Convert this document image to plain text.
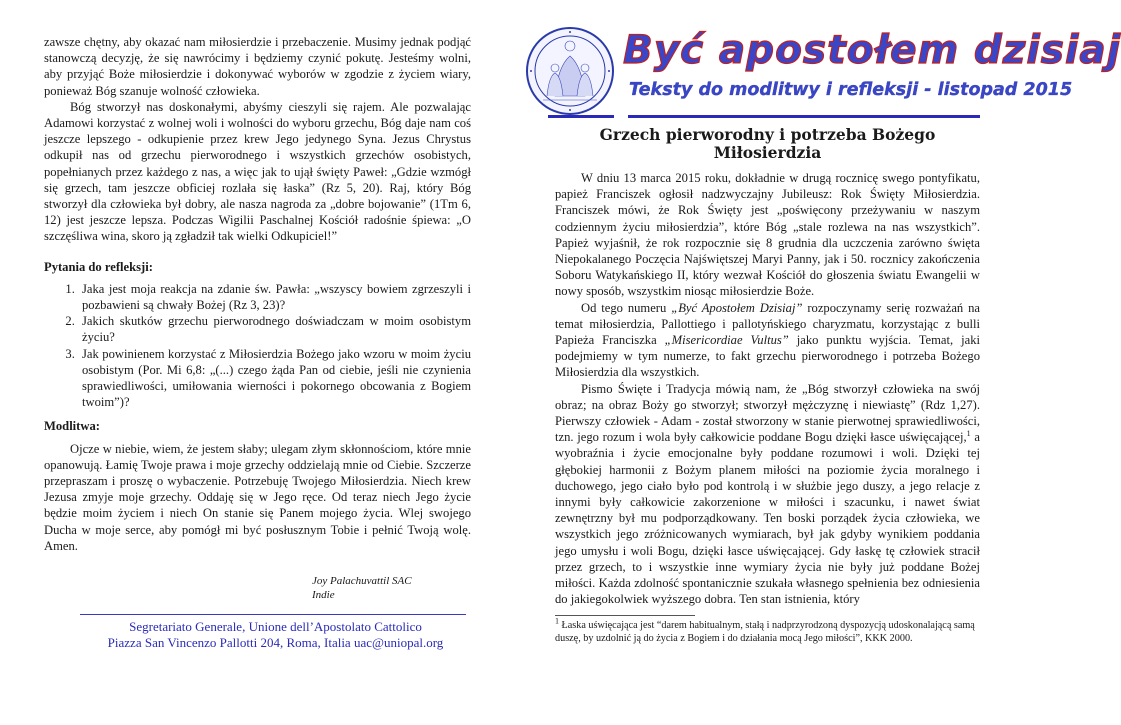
zawsze chętny, aby okazać nam miłosierdzie i przebaczenie. Musimy jednak podjąć stanowczą decyzję, że się nawrócimy i będziemy czynić pokutę. Jesteśmy wolni, aby przyjąć Boże miłosierdzie i dokonywać wyborów w zgodzie z życiem wiary, ponieważ Bóg szanuje wolność człowieka.

Bóg stworzył nas doskonałymi, abyśmy cieszyli się rajem. Ale pozwalając Adamowi korzystać z wolnej woli i wolności do wyboru grzechu, Bóg daje nam coś jeszcze lepszego - odkupienie przez krew Jego jedynego Syna. Jezus Chrystus odkupił nas od grzechu pierworodnego i wszystkich grzechów osobistych, popełnianych przez każdego z nas, a więc jak to ujął święty Paweł: „Gdzie wzmógł się grzech, tam jeszcze obficiej rozlała się łaska” (Rz 5, 20). Raj, który Bóg stworzył dla człowieka był dobry, ale nasza nagroda za „dobre bojowanie” (1Tm 6, 12) jest jeszcze lepsza. Podczas Wigilii Paschalnej Kościół radośnie śpiewa: „O szczęśliwa wina, skoro ją zgładził tak wielki Odkupiciel!”

Pytania do refleksji:
1. Jaka jest moja reakcja na zdanie św. Pawła: „wszyscy bowiem zgrzeszyli i pozbawieni są chwały Bożej (Rz 3, 23)?
2. Jakich skutków grzechu pierworodnego doświadczam w moim osobistym życiu?
3. Jak powinienem korzystać z Miłosierdzia Bożego jako wzoru w moim życiu osobistym (Por. Mi 6,8: „(...) czego żąda Pan od ciebie, jeśli nie czynienia sprawiedliwości, umiłowania wierności i pokornego obcowania z Bogiem twoim”)?
Modlitwa:

Ojcze w niebie, wiem, że jestem słaby; ulegam złym skłonnościom, które mnie opanowują. Łamię Twoje prawa i moje grzechy oddzielają mnie od Ciebie. Szczerze przepraszam i proszę o wybaczenie. Potrzebuję Twojego Miłosierdzia. Niech krew Jezusa zmyje moje grzechy. Oddaję się w Jego ręce. Od teraz niech Jego życie będzie moim życiem i niech On stanie się Panem mojego życia. Wlej swojego Ducha w moje serce, aby pomógł mi być posłusznym Tobie i pełnić Twoją wolę. Amen.

Joy Palachuvattil SAC
Indie
Segretariato Generale, Unione dell’Apostolato Cattolico
Piazza San Vincenzo Pallotti 204, Roma, Italia uac@uniopal.org
Być apostołem dzisiaj
Teksty do modlitwy i refleksji - listopad 2015
Grzech pierworodny i potrzeba Bożego Miłosierdzia

W dniu 13 marca 2015 roku, dokładnie w drugą rocznicę swego pontyfikatu, papież Franciszek ogłosił nadzwyczajny Jubileusz: Rok Święty Miłosierdzia. Franciszek mówi, że Rok Święty jest „poświęcony przeżywaniu w naszym codziennym życiu miłosierdzia”, które Bóg „stale rozlewa na nas wszystkich”. Papież wyjaśnił, że rok rozpocznie się 8 grudnia dla uczczenia zarówno święta Niepokalanego Poczęcia Najświętszej Maryi Panny, jak i 50. rocznicy zakończenia Soboru Watykańskiego II, który wezwał Kościół do głoszenia światu Ewangelii w nowy sposób, wszystkim niosąc miłosierdzie Boże.

Od tego numeru „Być Apostołem Dzisiaj” rozpoczynamy serię rozważań na temat miłosierdzia, Pallottiego i pallotyńskiego charyzmatu, korzystając z bulli Papieża Franciszka „Misericordiae Vultus” jako punktu wyjścia. Temat, jaki podejmiemy w tym numerze, to fakt grzechu pierworodnego i potrzeba Bożego Miłosierdzia dla wszystkich.

Pismo Święte i Tradycja mówią nam, że „Bóg stworzył człowieka na swój obraz; na obraz Boży go stworzył; stworzył mężczyznę i niewiastę” (Rdz 1,27). Pierwszy człowiek - Adam - został stworzony w stanie pierwotnej sprawiedliwości, tzn. jego rozum i wola były całkowicie poddane Bogu dzięki łasce uświęcającej,$^1$ a wyobraźnia i życie emocjonalne były poddane rozumowi i woli. Dzięki tej głębokiej harmonii z Bożym planem miłości na poziomie życia moralnego i duchowego, jego ciało było pod kontrolą i w służbie jego duszy, a jego relacje z innymi były całkowicie zakorzenione w miłości i szacunku, i nawet świat zewnętrzny był mu podporządkowany. Ten boski porządek życia człowieka, we wszystkich jego zróżnicowanych wymiarach, był jak gdyby wynikiem poddania jego umysłu i woli Bogu, dzięki łasce uświęcającej. Gdy łaskę tę człowiek stracił przez grzech, to i wszystkie inne wymiary życia nie były już poddane Bożej miłości. Każda zdolność spontanicznie szukała własnego spełnienia bez odniesienia do jakiegokolwiek wyższego dobra. Ten stan istnienia, który

$^1$ Łaska uświęcająca jest “darem habitualnym, stałą i nadprzyrodzoną dyspozycją udoskonalającą samą duszę, by uzdolnić ją do życia z Bogiem i do działania mocą Jego miłości”, KKK 2000.
